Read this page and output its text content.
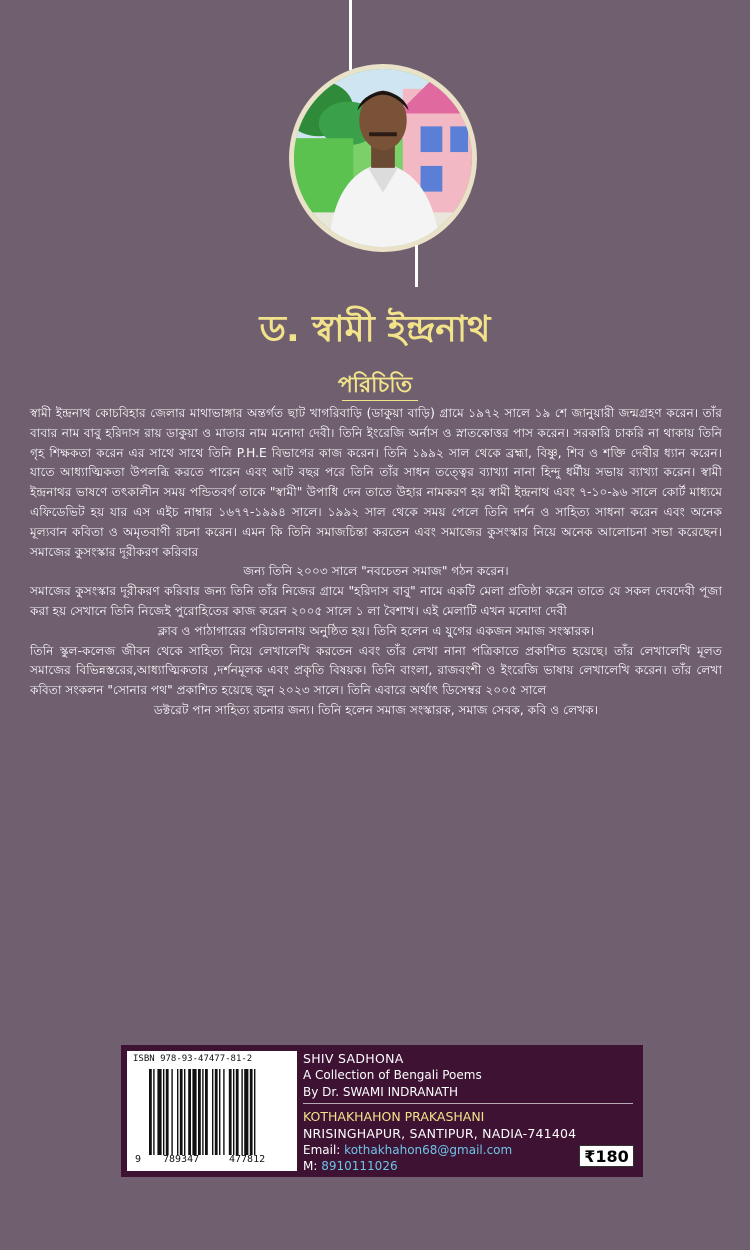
ড. স্বামী ইন্দ্রনাথ
পরিচিতি

স্বামী ইন্দ্রনাথ কোচবিহার জেলার মাথাভাঙ্গার অন্তর্গত ছাট খাগরিবাড়ি (ডাকুয়া বাড়ি) গ্রামে ১৯৭২ সালে ১৯ শে জানুয়ারী জন্মগ্রহণ করেন। তাঁর বাবার নাম বাবু হরিদাস রায় ডাকুয়া ও মাতার নাম মনোদা দেবী। তিনি ইংরেজি অর্নাস ও স্নাতকোত্তর পাস করেন। সরকারি চাকরি না থাকায় তিনি গৃহ শিক্ষকতা করেন এর সাথে সাথে তিনি P.H.E বিভাগের কাজ করেন। তিনি ১৯৯২ সাল থেকে ব্রহ্মা, বিষ্ণু, শিব ও শক্তি দেবীর ধ্যান করেন। যাতে আধ্যাত্মিকতা উপলব্ধি করতে পারেন এবং আট বছর পরে তিনি তাঁর সাধন তত্ত্বের ব্যাখ্যা নানা হিন্দু ধর্মীয় সভায় ব্যাখ্যা করেন। স্বামী ইন্দ্রনাথর ভাষণে তৎকালীন সময় পন্ডিতবর্গ তাকে "স্বামী" উপাধি দেন তাতে উহার নামকরণ হয় স্বামী ইন্দ্রনাথ এবং ৭-১০-৯৬ সালে কোর্ট মাধ্যমে এফিডেভিট হয় যার এস এইচ নাম্বার ১৬৭৭-১৯৯৪ সালে। ১৯৯২ সাল থেকে সময় পেলে তিনি দর্শন ও সাহিত্য সাধনা করেন এবং অনেক মূল্যবান কবিতা ও অমৃতবাণী রচনা করেন। এমন কি তিনি সমাজচিন্তা করতেন এবং সমাজের কুসংস্কার নিয়ে অনেক আলোচনা সভা করেছেন। সমাজের কুসংস্কার দূরীকরণ করিবার

জন্য তিনি ২০০৩ সালে "নবচেতন সমাজ" গঠন করেন।

সমাজের কুসংস্কার দূরীকরণ করিবার জন্য তিনি তাঁর নিজের গ্রামে "হরিদাস বাবু" নামে একটি মেলা প্রতিষ্ঠা করেন তাতে যে সকল দেবদেবী পূজা করা হয় সেখানে তিনি নিজেই পুরোহিতের কাজ করেন ২০০৫ সালে ১ লা বৈশাখ। এই মেলাটি এখন মনোদা দেবী

ক্লাব ও পাঠাগারের পরিচালনায় অনুষ্ঠিত হয়। তিনি হলেন এ যুগের একজন সমাজ সংস্কারক।

তিনি স্কুল-কলেজ জীবন থেকে সাহিত্য নিয়ে লেখালেখি করতেন এবং তাঁর লেখা নানা পত্রিকাতে প্রকাশিত হয়েছে। তাঁর লেখালেখি মূলত সমাজের বিভিন্নস্তরের,আধ্যাত্মিকতার ,দর্শনমূলক এবং প্রকৃতি বিষয়ক। তিনি বাংলা, রাজবংশী ও ইংরেজি ভাষায় লেখালেখি করেন। তাঁর লেখা কবিতা সংকলন "সোনার পথ" প্রকাশিত হয়েছে জুন ২০২৩ সালে। তিনি এবারে অর্থাৎ ডিসেম্বর ২০০৫ সালে

ডক্টরেট পান সাহিত্য রচনার জন্য। তিনি হলেন সমাজ সংস্কারক, সমাজ সেবক, কবি ও লেখক।

ISBN 978-93-47477-81-2
9 789347	477812
SHIV SADHONA
A Collection of Bengali Poems
By Dr. SWAMI INDRANATH
KOTHAKHAHON PRAKASHANI
NRISINGHAPUR, SANTIPUR, NADIA-741404
Email: kothakhahon68@gmail.com
M: 8910111026	₹180
